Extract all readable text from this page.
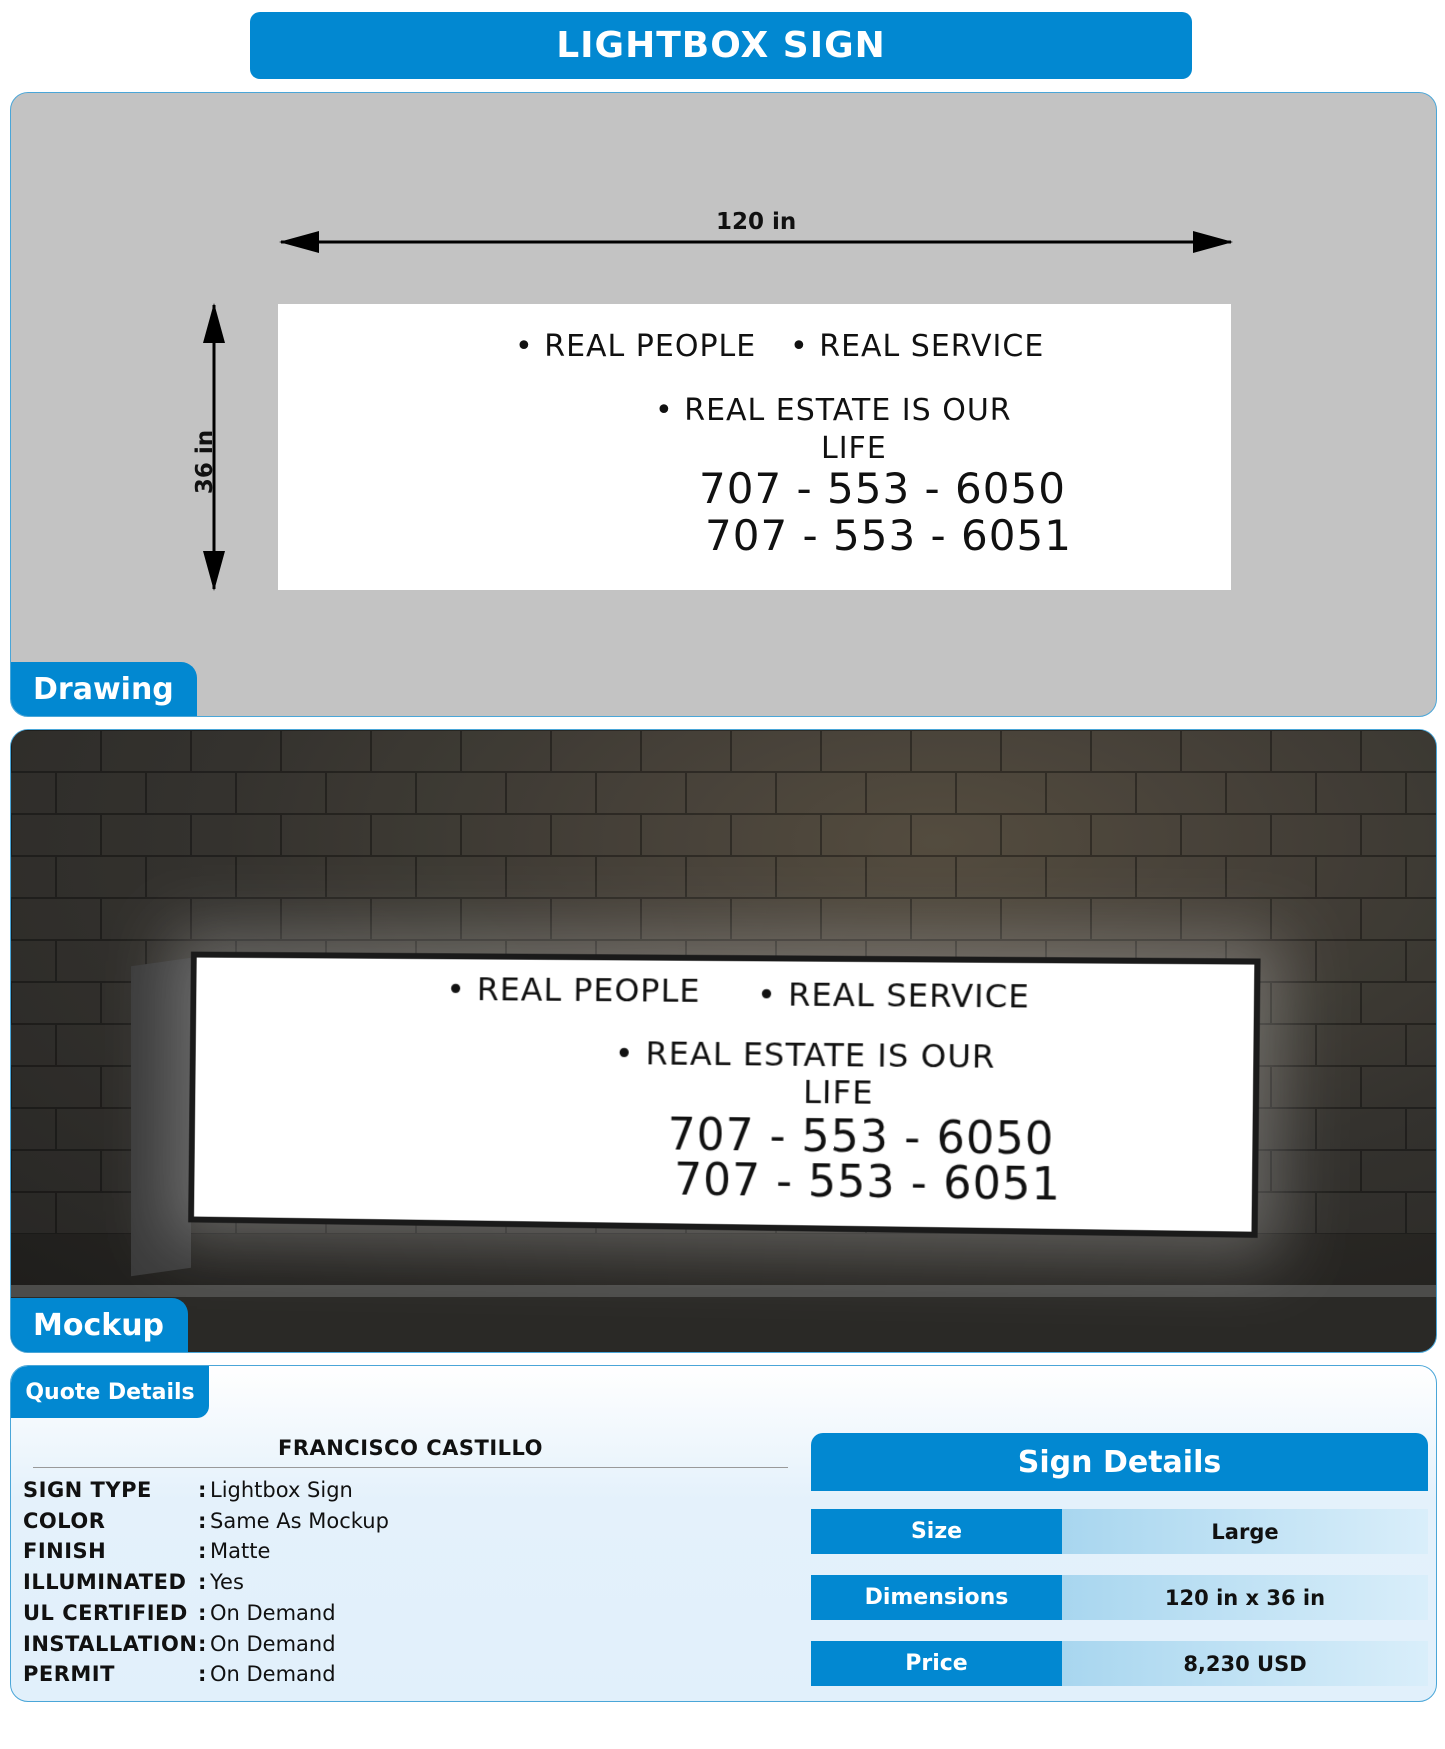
LIGHTBOX SIGN
120 in
36 in
• REAL PEOPLE • REAL SERVICE
• REAL ESTATE IS OUR
LIFE
707 - 553 - 6050
707 - 553 - 6051
Drawing
• REAL PEOPLE • REAL SERVICE
• REAL ESTATE IS OUR
LIFE
707 - 553 - 6050
707 - 553 - 6051
Mockup
Quote Details
FRANCISCO CASTILLO
SIGN TYPE	: Lightbox Sign
COLOR	: Same As Mockup
FINISH	: Matte
ILLUMINATED : Yes
UL CERTIFIED : On Demand
INSTALLATION : On Demand
PERMIT	: On Demand
Sign Details
Size	Large
Dimensions	120 in x 36 in
Price	8,230 USD
